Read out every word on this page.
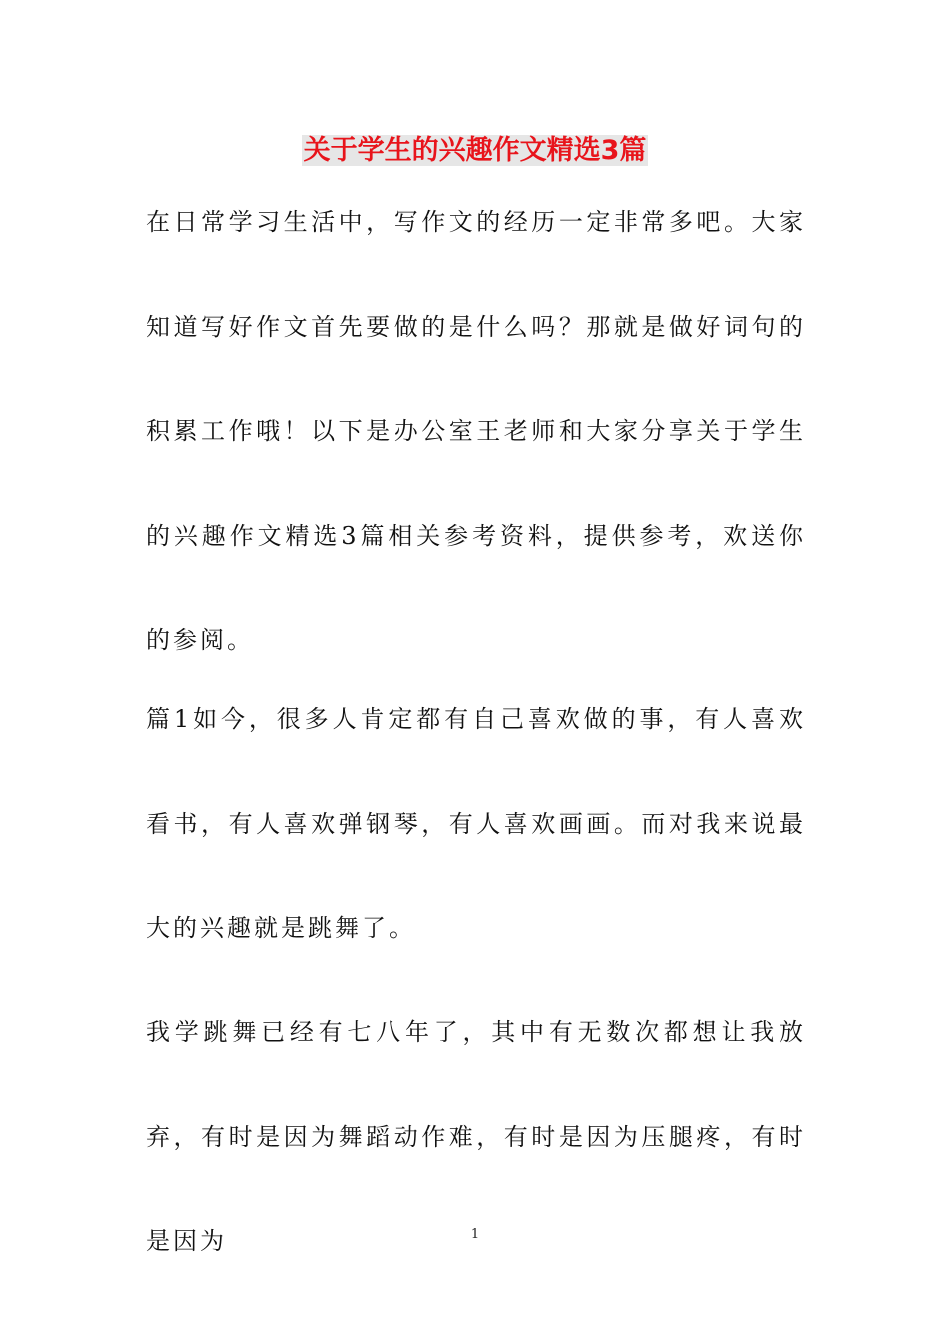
关于学生的兴趣作文精选3篇
在日常学习生活中，写作文的经历一定非常多吧。大家知道写好作文首先要做的是什么吗？那就是做好词句的积累工作哦！以下是办公室王老师和大家分享关于学生的兴趣作文精选3篇相关参考资料，提供参考，欢送你的参阅。
篇1如今，很多人肯定都有自己喜欢做的事，有人喜欢看书，有人喜欢弹钢琴，有人喜欢画画。而对我来说最大的兴趣就是跳舞了。
我学跳舞已经有七八年了，其中有无数次都想让我放弃，有时是因为舞蹈动作难，有时是因为压腿疼，有时是因为	1
